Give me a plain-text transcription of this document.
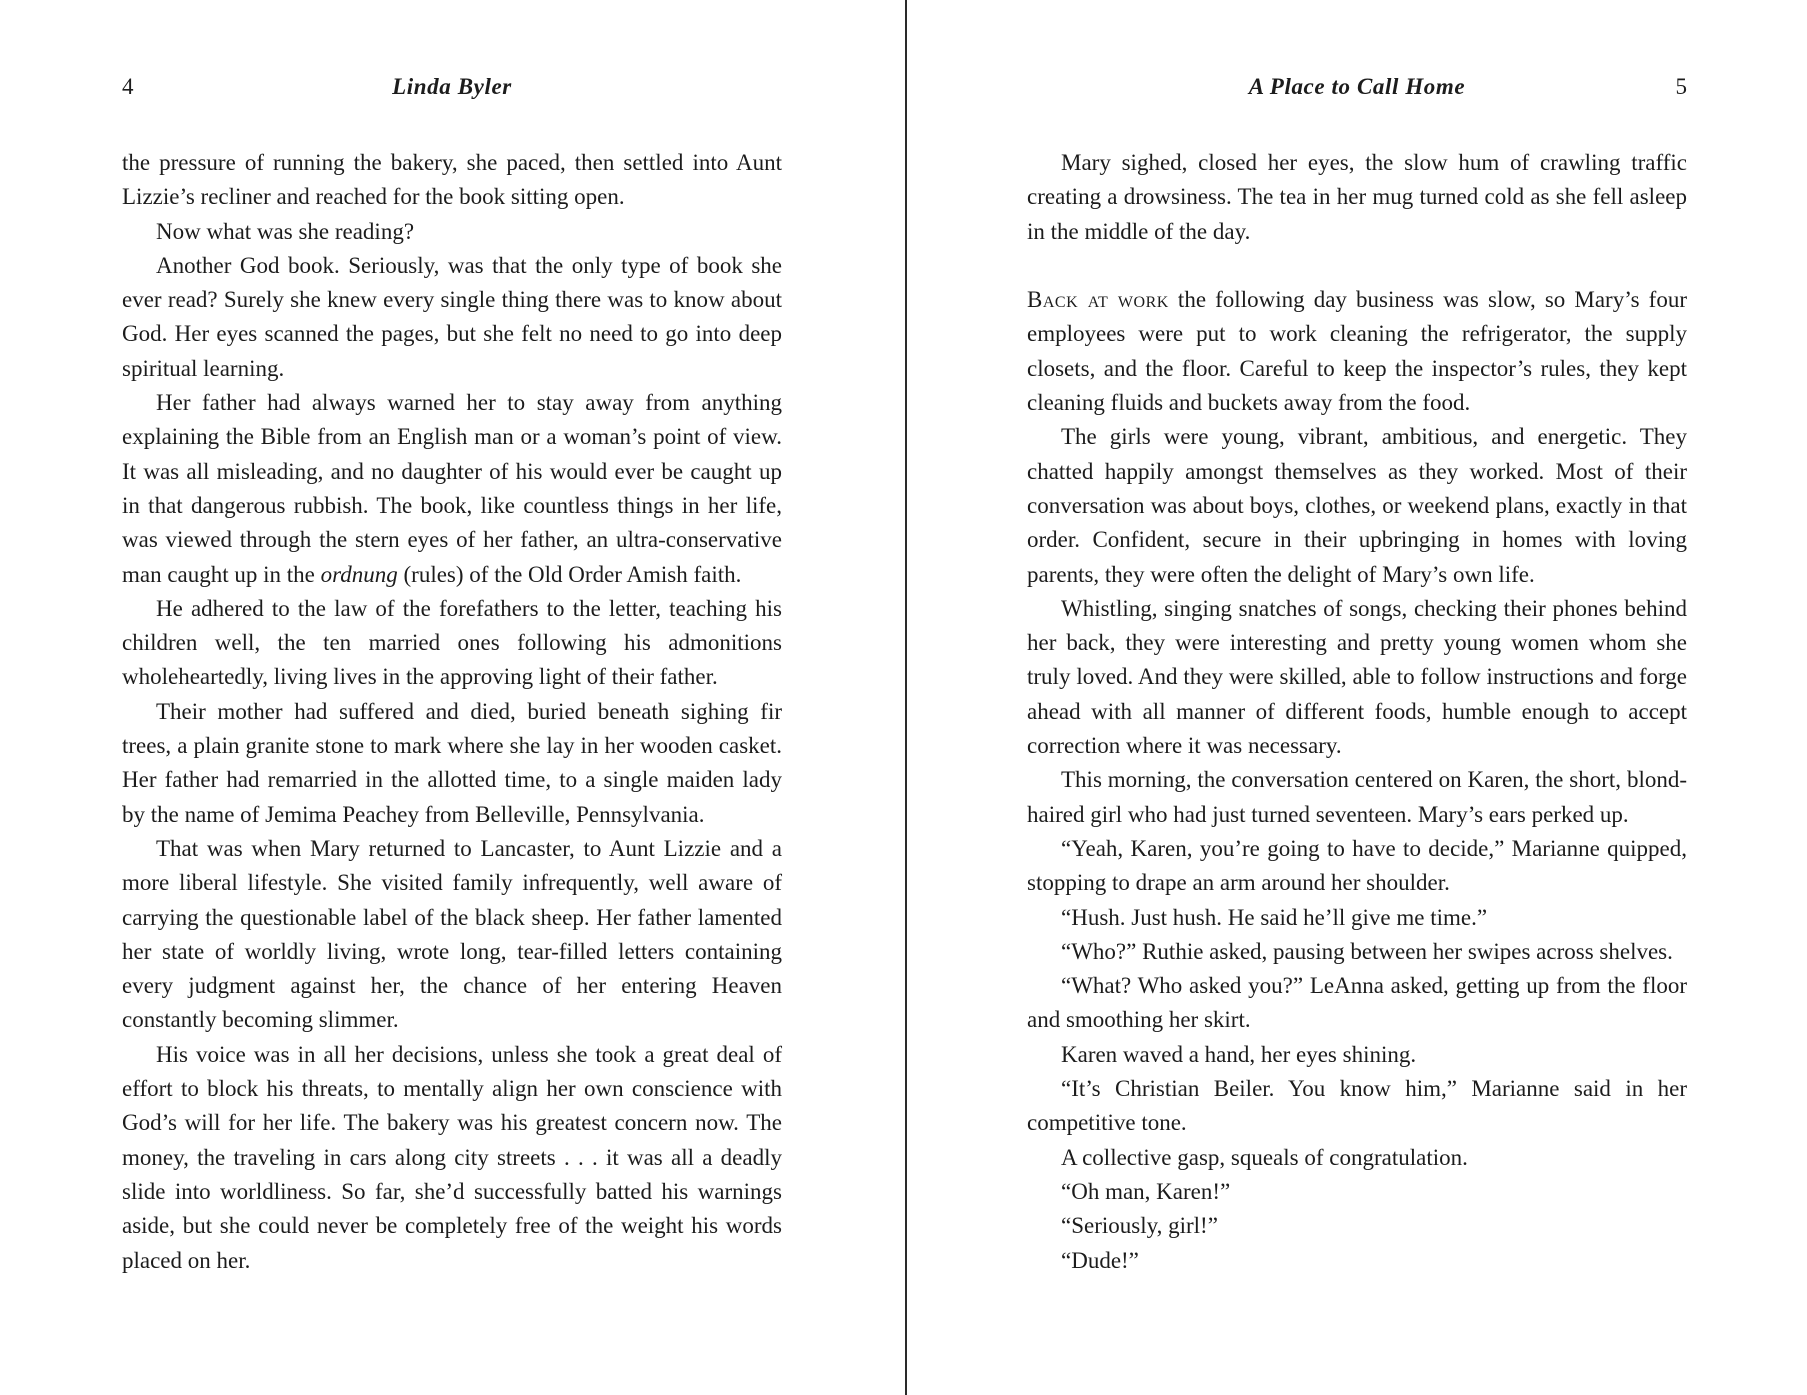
4	Linda Byler

the pressure of running the bakery, she paced, then settled into Aunt Lizzie’s recliner and reached for the book sitting open.

Now what was she reading?

Another God book. Seriously, was that the only type of book she ever read? Surely she knew every single thing there was to know about God. Her eyes scanned the pages, but she felt no need to go into deep spiritual learning.

Her father had always warned her to stay away from anything explaining the Bible from an English man or a woman’s point of view. It was all misleading, and no daughter of his would ever be caught up in that dangerous rubbish. The book, like countless things in her life, was viewed through the stern eyes of her father, an ultra-conservative man caught up in the ordnung (rules) of the Old Order Amish faith.

He adhered to the law of the forefathers to the letter, teaching his children well, the ten married ones following his admonitions wholeheartedly, living lives in the approving light of their father.

Their mother had suffered and died, buried beneath sighing fir trees, a plain granite stone to mark where she lay in her wooden casket. Her father had remarried in the allotted time, to a single maiden lady by the name of Jemima Peachey from Belleville, Pennsylvania.

That was when Mary returned to Lancaster, to Aunt Lizzie and a more liberal lifestyle. She visited family infrequently, well aware of carrying the questionable label of the black sheep. Her father lamented her state of worldly living, wrote long, tear-filled letters containing every judgment against her, the chance of her entering Heaven constantly becoming slimmer.

His voice was in all her decisions, unless she took a great deal of effort to block his threats, to mentally align her own conscience with God’s will for her life. The bakery was his greatest concern now. The money, the traveling in cars along city streets . . . it was all a deadly slide into worldliness. So far, she’d successfully batted his warnings aside, but she could never be completely free of the weight his words placed on her.

A Place to Call Home	5

Mary sighed, closed her eyes, the slow hum of crawling traffic creating a drowsiness. The tea in her mug turned cold as she fell asleep in the middle of the day.

Back at work the following day business was slow, so Mary’s four employees were put to work cleaning the refrigerator, the supply closets, and the floor. Careful to keep the inspector’s rules, they kept cleaning fluids and buckets away from the food.

The girls were young, vibrant, ambitious, and energetic. They chatted happily amongst themselves as they worked. Most of their conversation was about boys, clothes, or weekend plans, exactly in that order. Confident, secure in their upbringing in homes with loving parents, they were often the delight of Mary’s own life.

Whistling, singing snatches of songs, checking their phones behind her back, they were interesting and pretty young women whom she truly loved. And they were skilled, able to follow instructions and forge ahead with all manner of different foods, humble enough to accept correction where it was necessary.

This morning, the conversation centered on Karen, the short, blond-haired girl who had just turned seventeen. Mary’s ears perked up.

“Yeah, Karen, you’re going to have to decide,” Marianne quipped, stopping to drape an arm around her shoulder.

“Hush. Just hush. He said he’ll give me time.”

“Who?” Ruthie asked, pausing between her swipes across shelves.

“What? Who asked you?” LeAnna asked, getting up from the floor and smoothing her skirt.

Karen waved a hand, her eyes shining.

“It’s Christian Beiler. You know him,” Marianne said in her competitive tone.

A collective gasp, squeals of congratulation.

“Oh man, Karen!”

“Seriously, girl!”

“Dude!”
